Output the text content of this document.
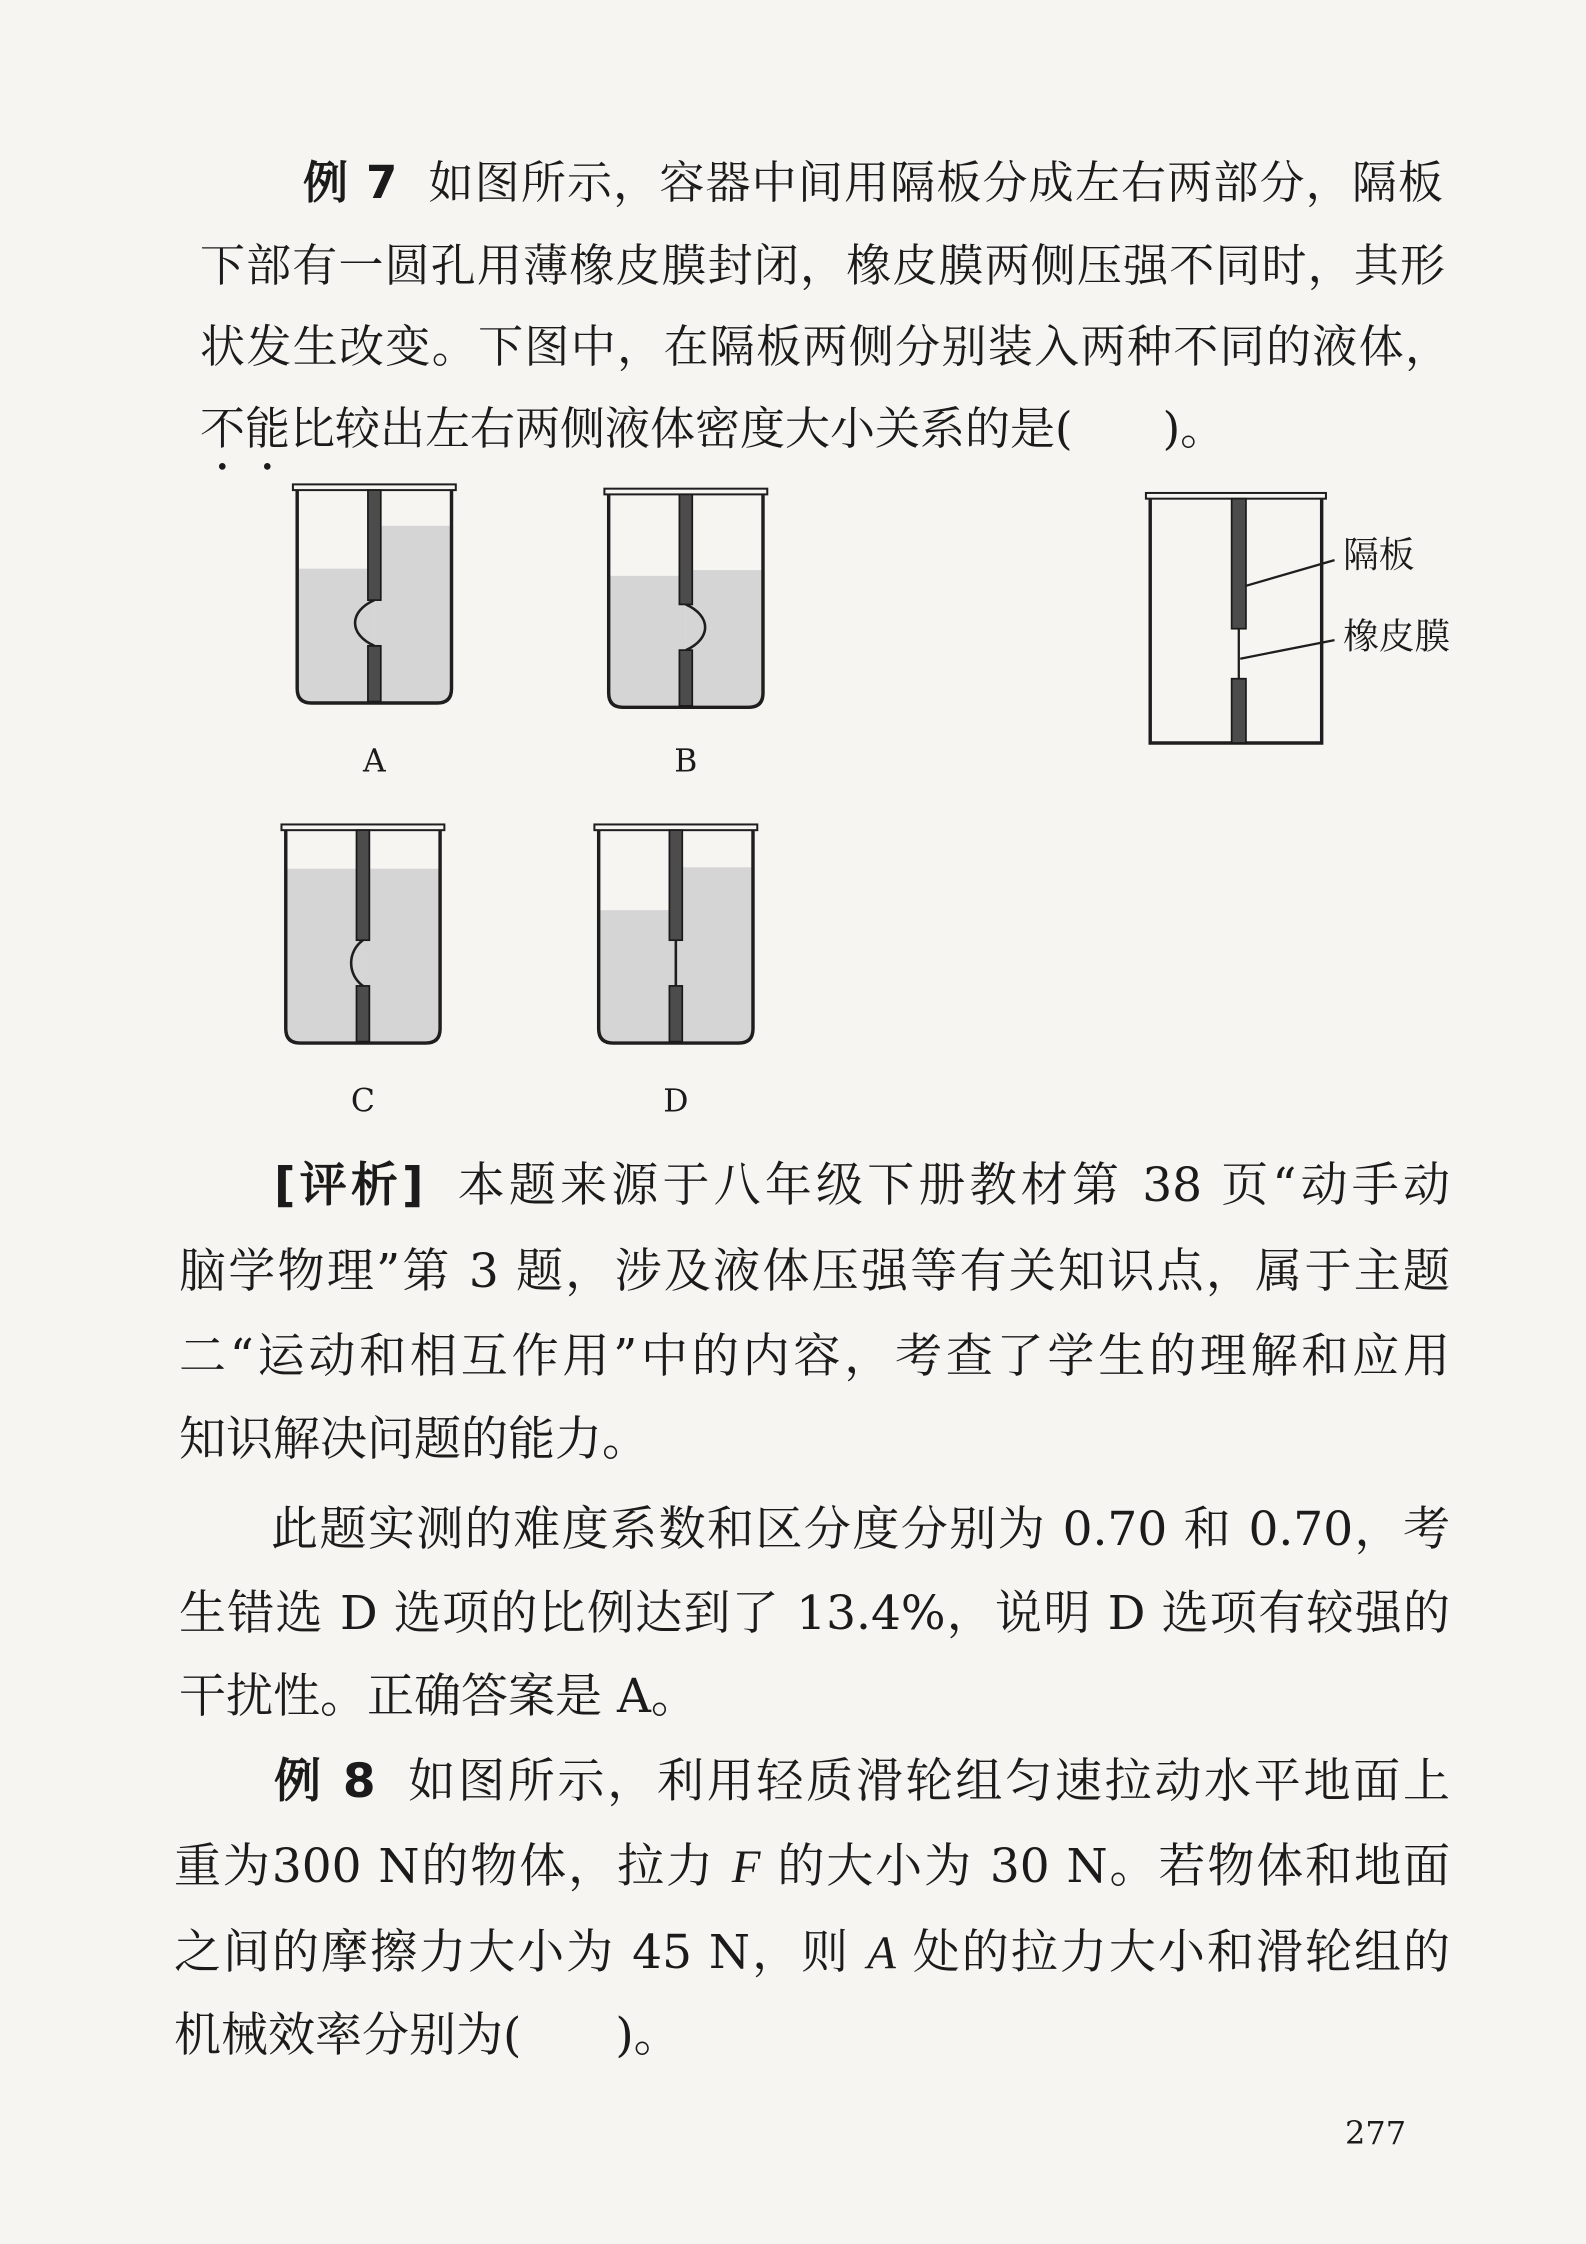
例 7 如图所示，容器中间用隔板分成左右两部分，隔板
下部有一圆孔用薄橡皮膜封闭，橡皮膜两侧压强不同时，其形
状发生改变。下图中，在隔板两侧分别装入两种不同的液体，
不能比较出左右两侧液体密度大小关系的是(　　)。
A	B
C	D
隔板
橡皮膜
[评析] 本题来源于八年级下册教材第 38 页“动手动
脑学物理”第 3 题，涉及液体压强等有关知识点，属于主题
二“运动和相互作用”中的内容，考查了学生的理解和应用
知识解决问题的能力。
此题实测的难度系数和区分度分别为 0.70 和 0.70，考
生错选 D 选项的比例达到了 13.4%，说明 D 选项有较强的
干扰性。正确答案是 A。
例 8 如图所示，利用轻质滑轮组匀速拉动水平地面上
重为300 N的物体，拉力 F 的大小为 30 N。若物体和地面
之间的摩擦力大小为 45 N，则 A 处的拉力大小和滑轮组的
机械效率分别为(　　)。
277
